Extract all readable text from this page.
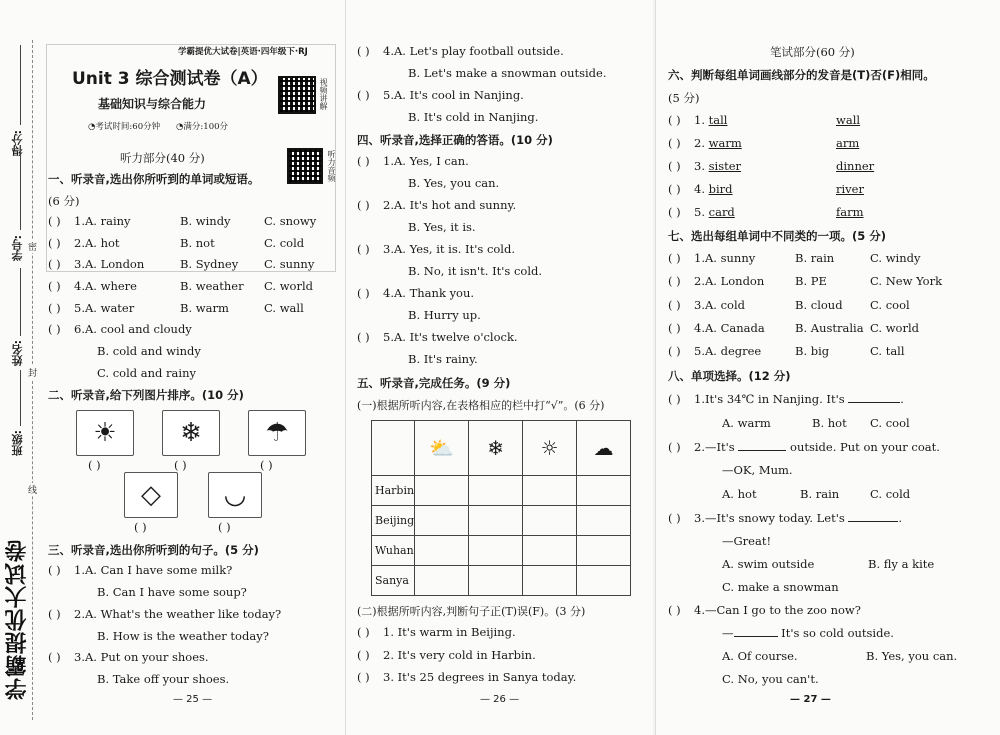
得分:
学号:
姓名:
班级:
密
封
线
学霸提优大试卷
学霸提优大试卷|英语·四年级下·RJ
Unit 3 综合测试卷（A）
基础知识与综合能力
◔考试时间:60分钟 ◔满分:100分
视频讲解
听力音频
听力部分(40 分)
一、听录音,选出你所听到的单词或短语。
(6 分)
( ) 6.A. cool and cloudy
B. cold and windy
C. cold and rainy
二、听录音,给下列图片排序。(10 分)
☀ ❄ ☂
( )	( )	( )
◇ ◡
( )	( )
三、听录音,选出你所听到的句子。(5 分)
— 25 —
( ) 4.A. Let's play football outside.
B. Let's make a snowman outside.
( ) 5.A. It's cool in Nanjing.
B. It's cold in Nanjing.
四、听录音,选择正确的答语。(10 分)
五、听录音,完成任务。(9 分)
(一)根据所听内容,在表格相应的栏中打“√”。(6 分)
	⛅	❄	☼	☁
Harbin				
Beijing				
Wuhan				
Sanya				
(二)根据所听内容,判断句子正(T)误(F)。(3 分)
— 26 —
笔试部分(60 分)
六、判断每组单词画线部分的发音是(T)否(F)相同。
(5 分)
七、选出每组单词中不同类的一项。(5 分)
八、单项选择。(12 分)
( ) 1.It's 34℃ in Nanjing. It's	.
A. warm	B. hot C. cool
( ) 2.—It's	outside. Put on your coat.
—OK, Mum.
A. hot	B. rain	C. cold
( ) 3.—It's snowy today. Let's	.
—Great!
A. swim outside	B. fly a kite
C. make a snowman
( ) 4.—Can I go to the zoo now?
—	It's so cold outside.
A. Of course.	B. Yes, you can.
C. No, you can't.
— 27 —
( ) 1.A. rainy	B. windy	C. snowy
( ) 2.A. hot	B. not	C. cold
( ) 3.A. London	B. Sydney C. sunny
( ) 4.A. where	B. weather C. world
( ) 5.A. water	B. warm	C. wall
( ) 1.A. Can I have some milk?
B. Can I have some soup?
( ) 2.A. What's the weather like today?
B. How is the weather today?
( ) 3.A. Put on your shoes.
B. Take off your shoes.
( ) 1.A. Yes, I can.
B. Yes, you can.
( ) 2.A. It's hot and sunny.
B. Yes, it is.
( ) 3.A. Yes, it is. It's cold.
B. No, it isn't. It's cold.
( ) 4.A. Thank you.
B. Hurry up.
( ) 5.A. It's twelve o'clock.
B. It's rainy.
( ) 1. It's warm in Beijing.
( ) 2. It's very cold in Harbin.
( ) 3. It's 25 degrees in Sanya today.
( ) 1. tall	wall
( ) 2. warm	arm
( ) 3. sister	dinner
( ) 4. bird	river
( ) 5. card	farm
( ) 1.A. sunny	B. rain	C. windy
( ) 2.A. London	B. PE	C. New York
( ) 3.A. cold	B. cloud C. cool
( ) 4.A. Canada	B. Australia C. world
( ) 5.A. degree	B. big	C. tall
